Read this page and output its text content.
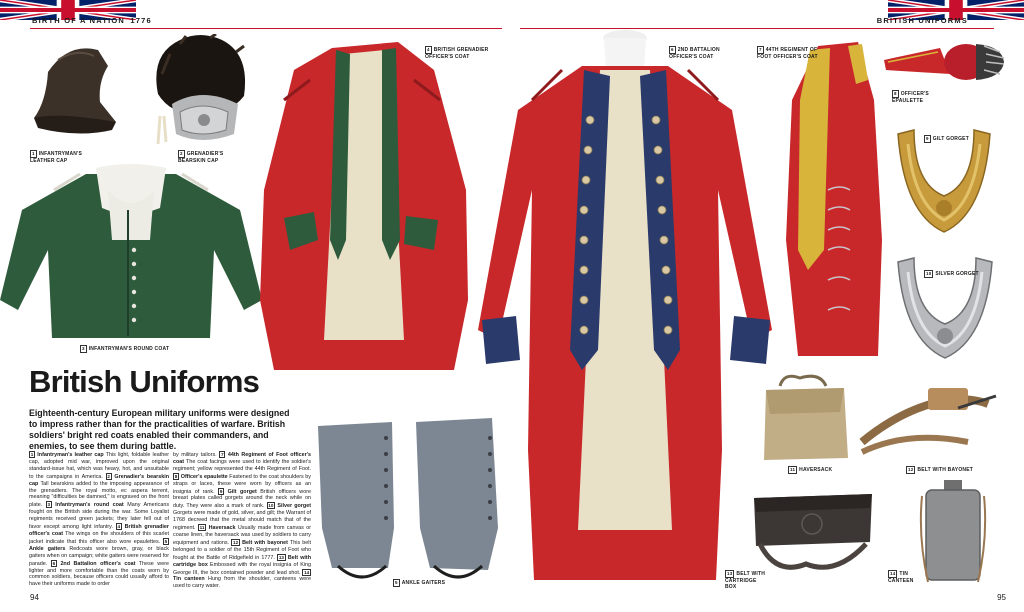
BIRTH OF A NATION 1776	BRITISH UNIFORMS
1 INFANTRYMAN'S LEATHER CAP
2 GRENADIER'S BEARSKIN CAP
3 INFANTRYMAN'S ROUND COAT
4 BRITISH GRENADIER OFFICER'S COAT
5 ANKLE GAITERS
6 2ND BATTALION OFFICER'S COAT
7 44TH REGIMENT OF FOOT OFFICER'S COAT
8 OFFICER'S EPAULETTE
9 GILT GORGET
10 SILVER GORGET
11 HAVERSACK	12 BELT WITH BAYONET
13 BELT WITH CARTRIDGE BOX
14 TIN CANTEEN
British Uniforms
Eighteenth-century European military uniforms were designed to impress rather than for the practicalities of warfare. British soldiers' bright red coats enabled their commanders, and enemies, to see them during battle.
1 Infantryman's leather cap This light, foldable leather cap, adopted mid war, improved upon the original standard-issue hat, which was heavy, hot, and unsuitable to the campaigns in America. 2 Grenadier's bearskin cap Tall bearskins added to the imposing appearance of the grenadiers. The royal motto, ec aspera terrent, meaning "difficulties be damned," is engraved on the front plate. 3 Infantryman's round coat Many Americans fought on the British side during the war. Some Loyalist regiments received green jackets; they later fell out of favor except among light infantry. 4 British grenadier officer's coat The wings on the shoulders of this scarlet jacket indicate that this officer also wore epaulettes. 5 Ankle gaiters Redcoats wore brown, gray, or black gaiters when on campaign; white gaiters were reserved for parade. 6 2nd Battalion officer's coat These were lighter and more comfortable than the coats worn by common soldiers, because officers could usually afford to have their uniforms made to order
by military tailors. 7 44th Regiment of Foot officer's coat The coat facings were used to identify the soldier's regiment; yellow represented the 44th Regiment of Foot. 8 Officer's epaulette Fastened to the coat shoulders by straps or laces, these were worn by officers as an insignia of rank. 9 Gilt gorget British officers wore breast plates called gorgets around the neck while on duty. They were also a mark of rank. 10 Silver gorget Gorgets were made of gold, silver, and gilt; the Warrant of 1768 decreed that the metal should match that of the regiment. 11 Haversack Usually made from canvas or coarse linen, the haversack was used by soldiers to carry equipment and rations. 12 Belt with bayonet This belt belonged to a soldier of the 15th Regiment of Foot who fought at the Battle of Ridgefield in 1777. 13 Belt with cartridge box Embossed with the royal insignia of King George III, the box contained powder and lead shot. 14 Tin canteen Hung from the shoulder, canteens were used to carry water.
94	95
